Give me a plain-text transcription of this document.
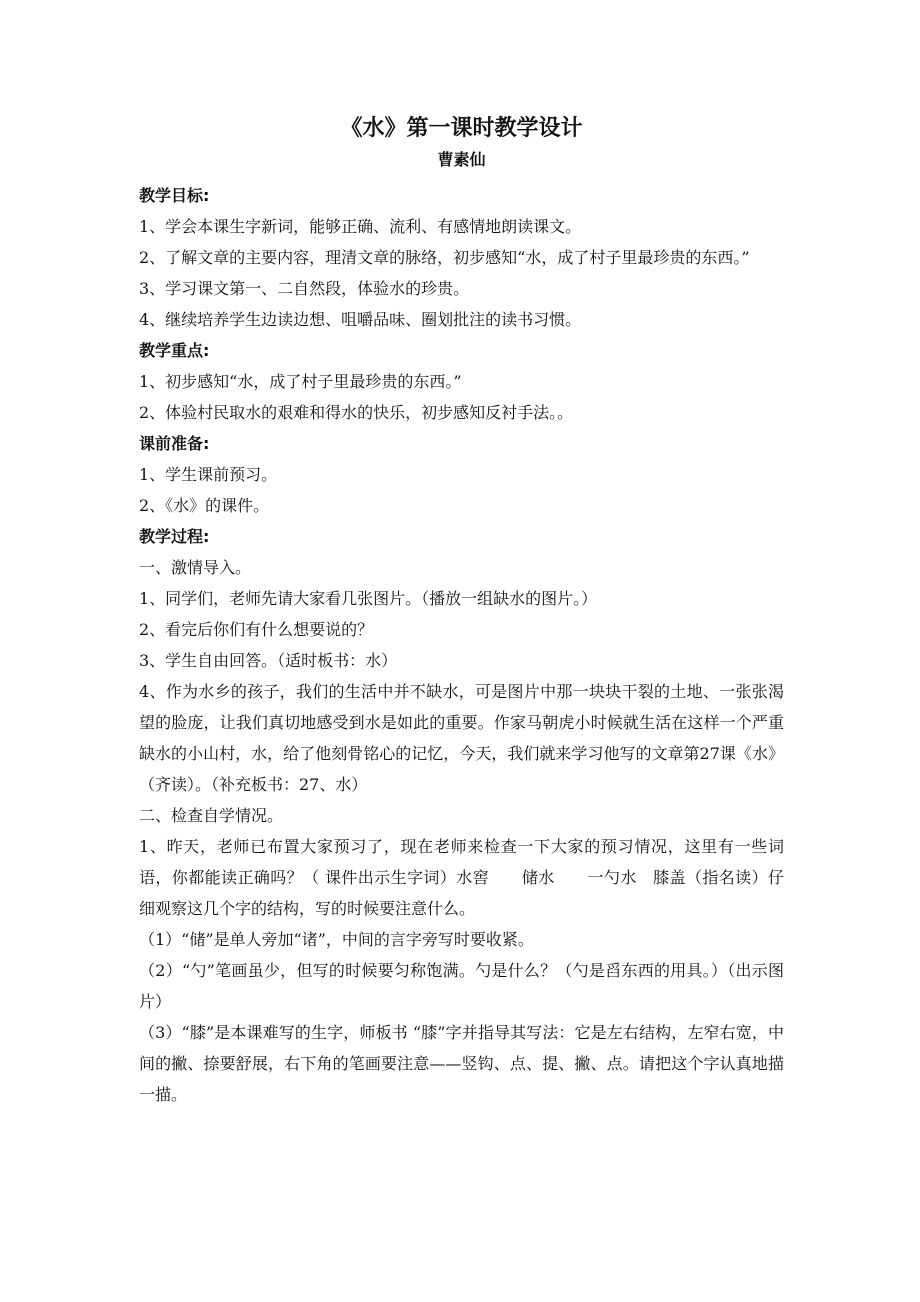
zixin.com.cn
《水》第一课时教学设计

曹素仙

教学目标:

1、学会本课生字新词，能够正确、流利、有感情地朗读课文。

2、了解文章的主要内容，理清文章的脉络，初步感知“水，成了村子里最珍贵的东西。”

3、学习课文第一、二自然段，体验水的珍贵。

4、继续培养学生边读边想、咀嚼品味、圈划批注的读书习惯。

教学重点:

1、初步感知“水，成了村子里最珍贵的东西。”

2、体验村民取水的艰难和得水的快乐，初步感知反衬手法。。

课前准备:

1、学生课前预习。

2、《水》的课件。

教学过程:

一、激情导入。

1、同学们，老师先请大家看几张图片。（播放一组缺水的图片。）

2、看完后你们有什么想要说的？

3、学生自由回答。（适时板书：水）

4、作为水乡的孩子，我们的生活中并不缺水，可是图片中那一块块干裂的土地、一张张渴望的脸庞，让我们真切地感受到水是如此的重要。作家马朝虎小时候就生活在这样一个严重缺水的小山村，水，给了他刻骨铭心的记忆，今天，我们就来学习他写的文章第27课《水》（齐读）。（补充板书：27、水）

二、检查自学情况。

1、昨天，老师已布置大家预习了，现在老师来检查一下大家的预习情况，这里有一些词语，你都能读正确吗？（ 课件出示生字词）水窖　　储水　　一勺水　膝盖（指名读）仔细观察这几个字的结构，写的时候要注意什么。

（1）“储”是单人旁加“诸”，中间的言字旁写时要收紧。

（2）“勺”笔画虽少，但写的时候要匀称饱满。勺是什么？（勺是舀东西的用具。）（出示图片）

（3）“膝”是本课难写的生字，师板书 “膝”字并指导其写法：它是左右结构，左窄右宽，中间的撇、捺要舒展，右下角的笔画要注意——竖钩、点、提、撇、点。请把这个字认真地描一描。
